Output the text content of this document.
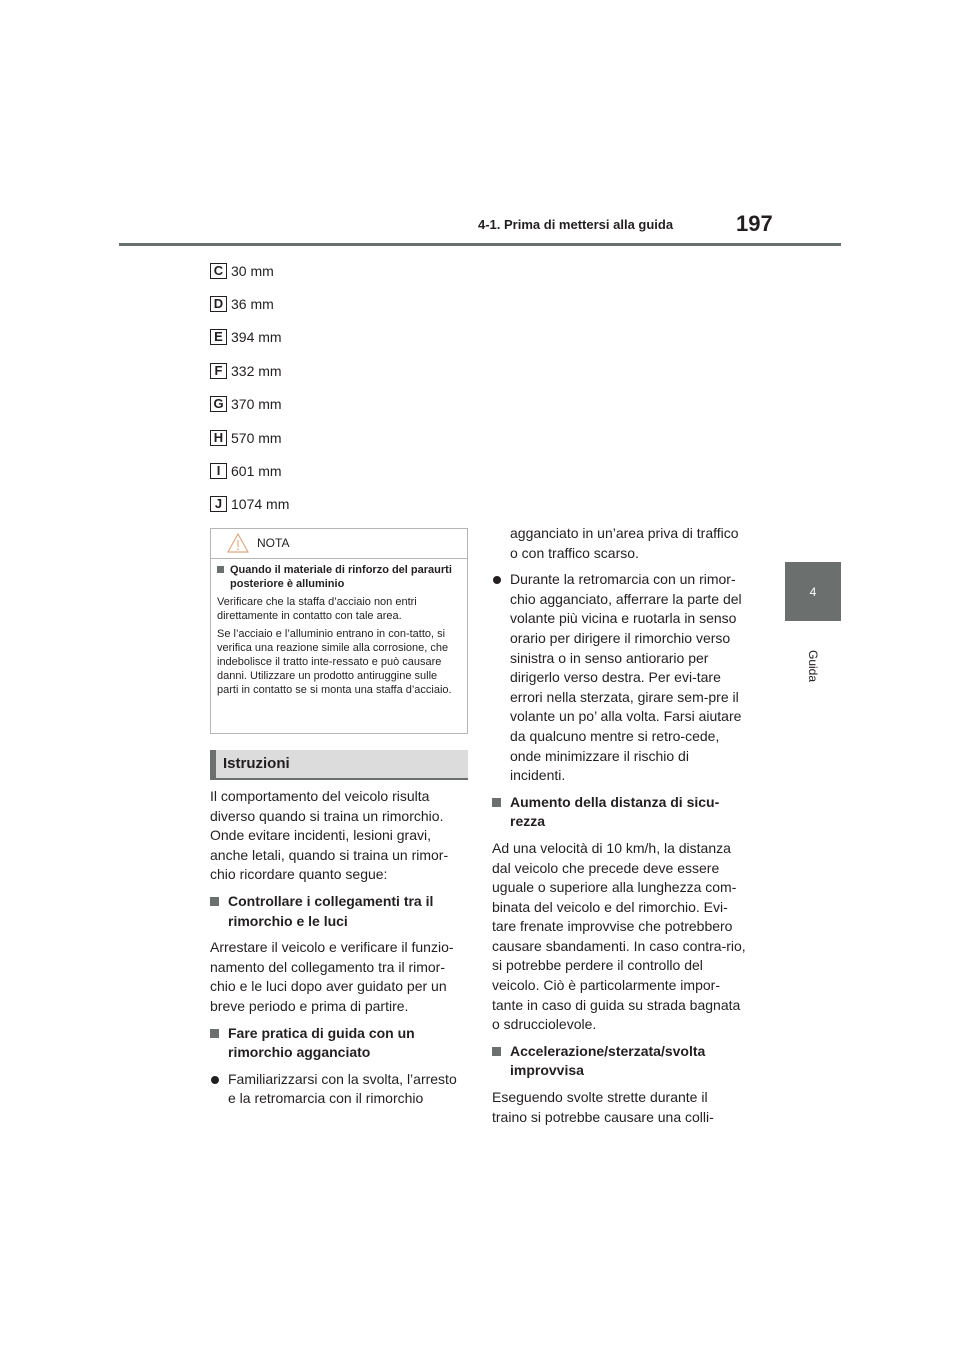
4-1. Prima di mettersi alla guida	197
4
Guida
C 30 mm
D 36 mm
E 394 mm
F 332 mm
G 370 mm
H 570 mm
I 601 mm
J 1074 mm
NOTA
Quando il materiale di rinforzo del paraurti posteriore è alluminio

Verificare che la staffa d’acciaio non entri direttamente in contatto con tale area.

Se l’acciaio e l’alluminio entrano in con-tatto, si verifica una reazione simile alla corrosione, che indebolisce il tratto inte-ressato e può causare danni. Utilizzare un prodotto antiruggine sulle parti in contatto se si monta una staffa d’acciaio.

Istruzioni

Il comportamento del veicolo risulta diverso quando si traina un rimorchio. Onde evitare incidenti, lesioni gravi, anche letali, quando si traina un rimor-chio ricordare quanto segue:

Controllare i collegamenti tra il rimorchio e le luci

Arrestare il veicolo e verificare il funzio-namento del collegamento tra il rimor-chio e le luci dopo aver guidato per un breve periodo e prima di partire.

Fare pratica di guida con un rimorchio agganciato
Familiarizzarsi con la svolta, l’arresto e la retromarcia con il rimorchio

agganciato in un’area priva di traffico o con traffico scarso.

Durante la retromarcia con un rimor-chio agganciato, afferrare la parte del volante più vicina e ruotarla in senso orario per dirigere il rimorchio verso sinistra o in senso antiorario per dirigerlo verso destra. Per evi-tare errori nella sterzata, girare sem-pre il volante un po’ alla volta. Farsi aiutare da qualcuno mentre si retro-cede, onde minimizzare il rischio di incidenti.
Aumento della distanza di sicu-rezza

Ad una velocità di 10 km/h, la distanza dal veicolo che precede deve essere uguale o superiore alla lunghezza com-binata del veicolo e del rimorchio. Evi-tare frenate improvvise che potrebbero causare sbandamenti. In caso contra-rio, si potrebbe perdere il controllo del veicolo. Ciò è particolarmente impor-tante in caso di guida su strada bagnata o sdrucciolevole.

Accelerazione/sterzata/svolta improvvisa

Eseguendo svolte strette durante il traino si potrebbe causare una colli-
